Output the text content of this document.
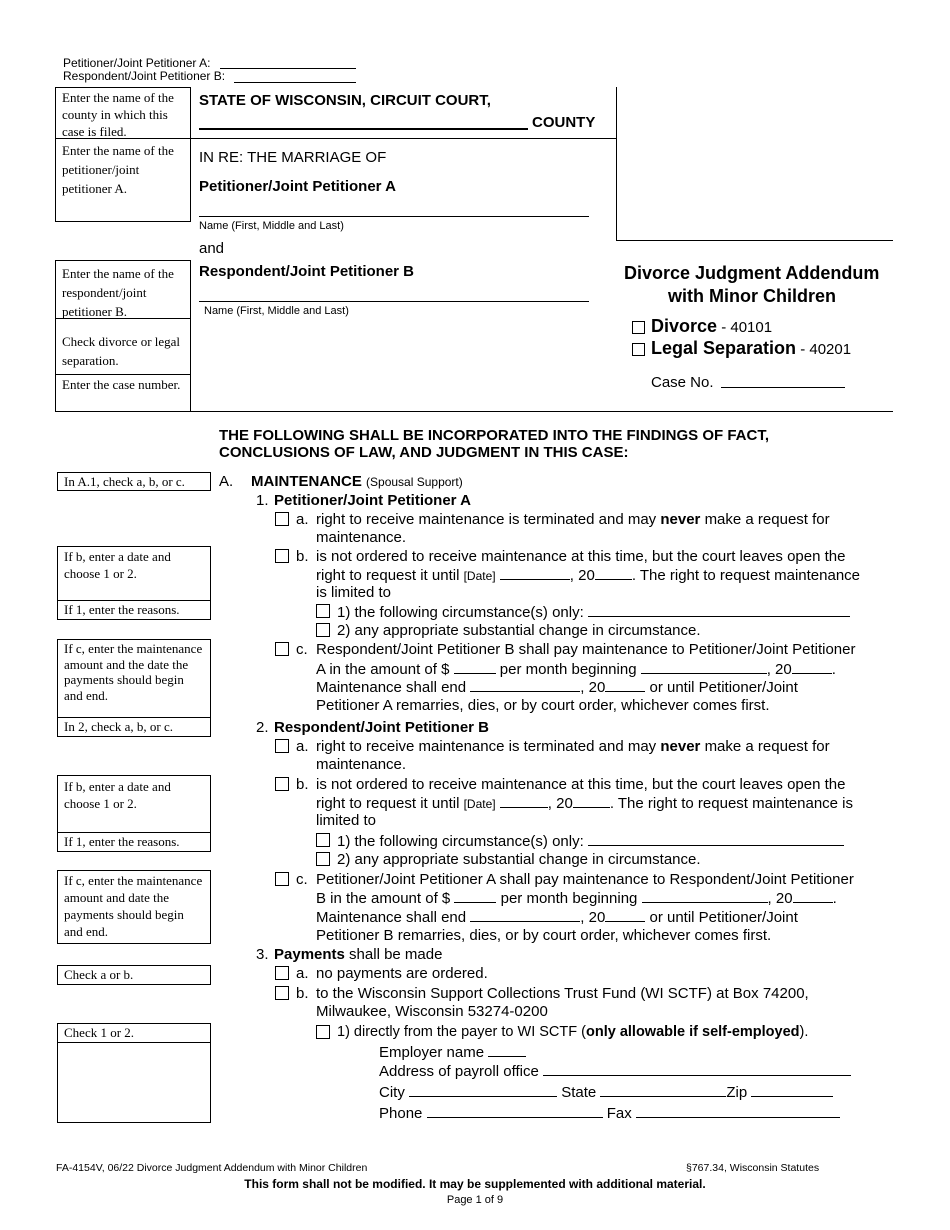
Petitioner/Joint Petitioner A:
Respondent/Joint Petitioner B:
Enter the name of the county in which this case is filed.
Enter the name of the petitioner/joint petitioner A.
Enter the name of the respondent/joint petitioner B.
Check divorce or legal separation.
Enter the case number.
STATE OF WISCONSIN, CIRCUIT COURT,
COUNTY
IN RE: THE MARRIAGE OF
Petitioner/Joint Petitioner A
Name (First, Middle and Last)
and
Respondent/Joint Petitioner B
Name (First, Middle and Last)
Divorce Judgment Addendum
with Minor Children
Divorce - 40101
Legal Separation - 40201
Case No.
THE FOLLOWING SHALL BE INCORPORATED INTO THE FINDINGS OF FACT,
CONCLUSIONS OF LAW, AND JUDGMENT IN THIS CASE:
In A.1, check a, b, or c.
If b, enter a date and choose 1 or 2.
If 1, enter the reasons.
If c, enter the maintenance amount and the date the payments should begin and end.
In 2, check a, b, or c.
If b, enter a date and choose 1 or 2.
If 1, enter the reasons.
If c, enter the maintenance amount and date the payments should begin and end.
Check a or b.
Check 1 or 2.
A. MAINTENANCE (Spousal Support)
1. Petitioner/Joint Petitioner A
a. right to receive maintenance is terminated and may never make a request for
maintenance.
b. is not ordered to receive maintenance at this time, but the court leaves open the
right to request it until [Date]	, 20 . The right to request maintenance
is limited to
1) the following circumstance(s) only:
2) any appropriate substantial change in circumstance.
c. Respondent/Joint Petitioner B shall pay maintenance to Petitioner/Joint Petitioner
A in the amount of $	per month beginning	, 20	.
Maintenance shall end	, 20	or until Petitioner/Joint
Petitioner A remarries, dies, or by court order, whichever comes first.
2. Respondent/Joint Petitioner B
a. right to receive maintenance is terminated and may never make a request for
maintenance.
b. is not ordered to receive maintenance at this time, but the court leaves open the
right to request it until [Date]	, 20 . The right to request maintenance is
limited to
1) the following circumstance(s) only:
2) any appropriate substantial change in circumstance.
c. Petitioner/Joint Petitioner A shall pay maintenance to Respondent/Joint Petitioner
B in the amount of $	per month beginning	, 20	.
Maintenance shall end	, 20	or until Petitioner/Joint
Petitioner B remarries, dies, or by court order, whichever comes first.
3. Payments shall be made
a. no payments are ordered.
b. to the Wisconsin Support Collections Trust Fund (WI SCTF) at Box 74200,
Milwaukee, Wisconsin 53274-0200
1) directly from the payer to WI SCTF (only allowable if self-employed).
Employer name
Address of payroll office
City	State	Zip
Phone	Fax
FA-4154V, 06/22 Divorce Judgment Addendum with Minor Children	§767.34, Wisconsin Statutes
This form shall not be modified. It may be supplemented with additional material.
Page 1 of 9
